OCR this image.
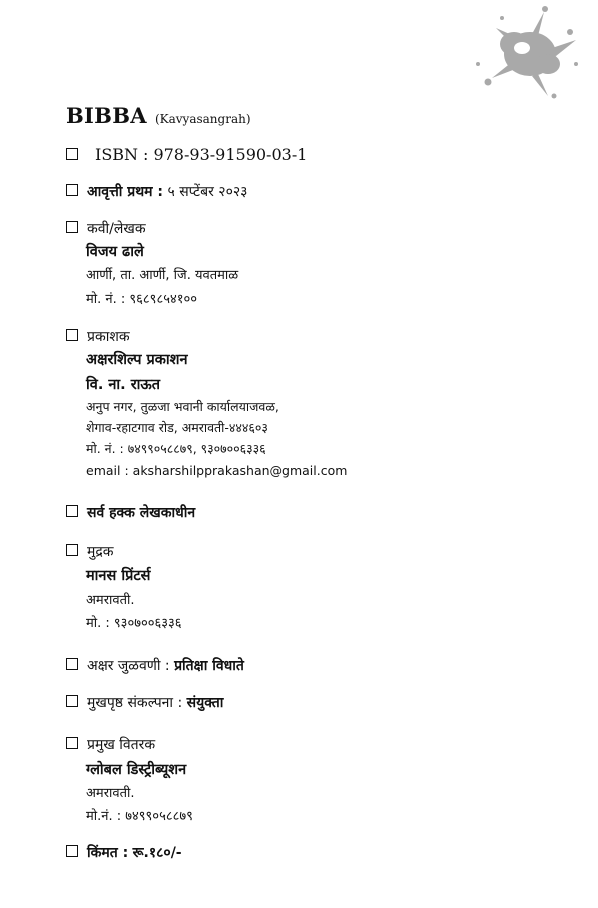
BIBBA (Kavyasangrah)
ISBN : 978-93-91590-03-1
आवृत्ती प्रथम : ५ सप्टेंबर २०२३
कवी/लेखक
विजय ढाले
आर्णी, ता. आर्णी, जि. यवतमाळ
मो. नं. : ९६८९८५४१००
प्रकाशक
अक्षरशिल्प प्रकाशन
वि. ना. राऊत
अनुप नगर, तुळजा भवानी कार्यालयाजवळ,
शेगाव-रहाटगाव रोड, अमरावती-४४४६०३
मो. नं. : ७४९९०५८८७९, ९३०७००६३३६
email : aksharshilpprakashan@gmail.com
सर्व हक्क लेखकाधीन
मुद्रक
मानस प्रिंटर्स
अमरावती.
मो. : ९३०७००६३३६
अक्षर जुळवणी : प्रतिक्षा विधाते
मुखपृष्ठ संकल्पना : संयुक्ता
प्रमुख वितरक
ग्लोबल डिस्ट्रीब्यूशन
अमरावती.
मो.नं. : ७४९९०५८८७९
किंमत : रू.१८०/-
